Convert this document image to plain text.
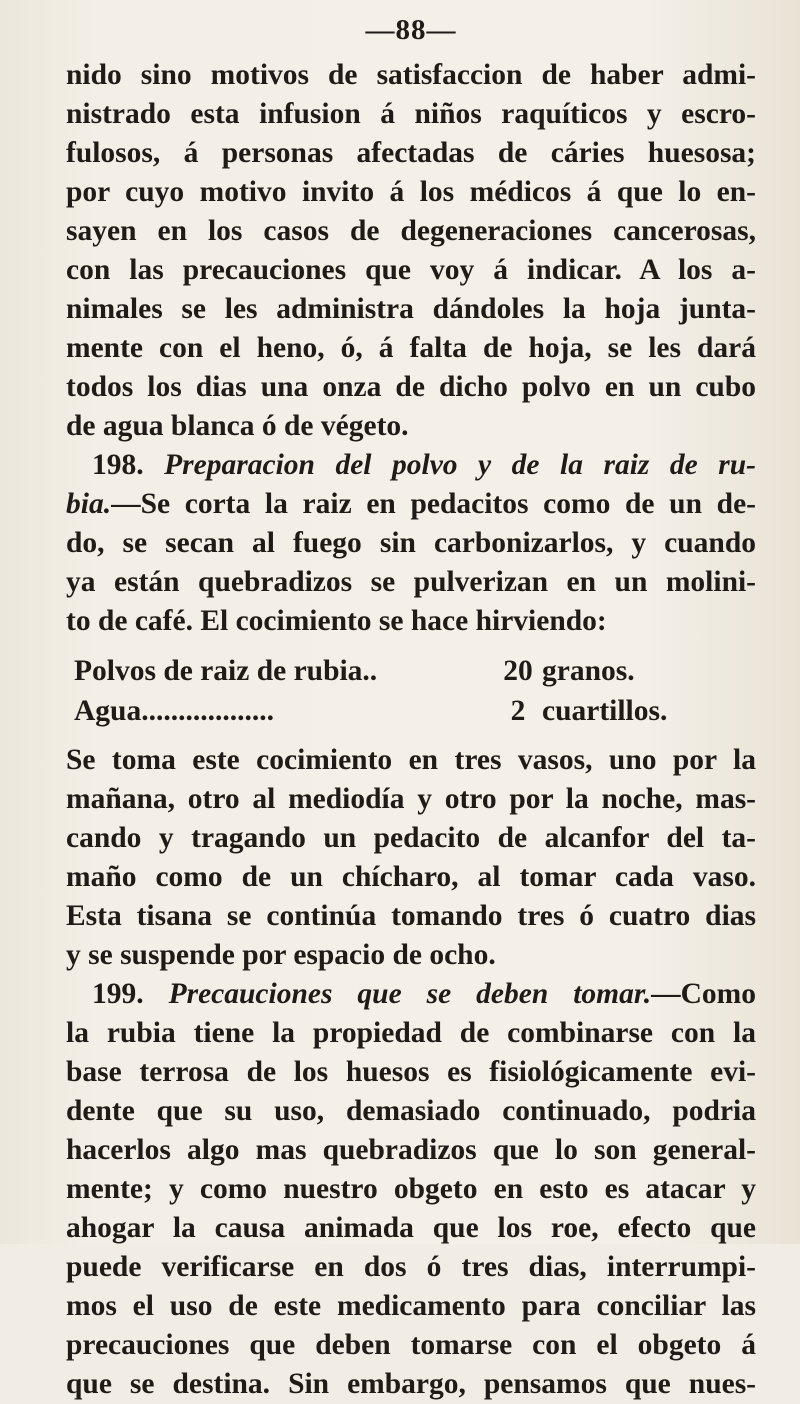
—88—
nido sino motivos de satisfaccion de haber admi-
nistrado esta infusion á niños raquíticos y escro-
fulosos, á personas afectadas de cáries huesosa;
por cuyo motivo invito á los médicos á que lo en-
sayen en los casos de degeneraciones cancerosas,
con las precauciones que voy á indicar. A los a-
nimales se les administra dándoles la hoja junta-
mente con el heno, ó, á falta de hoja, se les dará
todos los dias una onza de dicho polvo en un cubo
de agua blanca ó de végeto.
198. Preparacion del polvo y de la raiz de ru-
bia.—Se corta la raiz en pedacitos como de un de-
do, se secan al fuego sin carbonizarlos, y cuando
ya están quebradizos se pulverizan en un molini-
to de café. El cocimiento se hace hirviendo:
Polvos de raiz de rubia..	20 granos.
Agua..................	2 cuartillos.
Se toma este cocimiento en tres vasos, uno por la
mañana, otro al mediodía y otro por la noche, mas-
cando y tragando un pedacito de alcanfor del ta-
maño como de un chícharo, al tomar cada vaso.
Esta tisana se continúa tomando tres ó cuatro dias
y se suspende por espacio de ocho.
199. Precauciones que se deben tomar.—Como
la rubia tiene la propiedad de combinarse con la
base terrosa de los huesos es fisiológicamente evi-
dente que su uso, demasiado continuado, podria
hacerlos algo mas quebradizos que lo son general-
mente; y como nuestro obgeto en esto es atacar y
ahogar la causa animada que los roe, efecto que
puede verificarse en dos ó tres dias, interrumpi-
mos el uso de este medicamento para conciliar las
precauciones que deben tomarse con el obgeto á
que se destina. Sin embargo, pensamos que nues-
